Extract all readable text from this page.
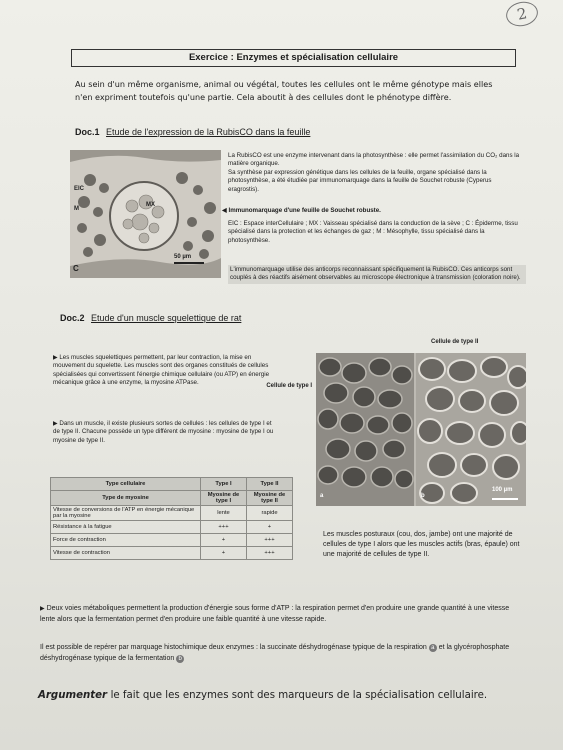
2
Exercice : Enzymes et spécialisation cellulaire
Au sein d'un même organisme, animal ou végétal, toutes les cellules ont le même génotype mais elles n'en expriment toutefois qu'une partie. Cela aboutit à des cellules dont le phénotype diffère.
Doc.1 Etude de l'expression de la RubisCO dans la feuille
EIC
M
MX
C
50 µm
La RubisCO est une enzyme intervenant dans la photosynthèse : elle permet l'assimilation du CO₂ dans la matière organique.
Sa synthèse par expression génétique dans les cellules de la feuille, organe spécialisé dans la photosynthèse, a été étudiée par immunomarquage dans la feuille de Souchet robuste (Cyperus eragrostis).
◀ Immunomarquage d'une feuille de Souchet robuste.
EIC : Espace interCellulaire ; MX : Vaisseau spécialisé dans la conduction de la sève ; C : Épiderme, tissu spécialisé dans la protection et les échanges de gaz ; M : Mésophylle, tissu spécialisé dans la photosynthèse.
L'immunomarquage utilise des anticorps reconnaissant spécifiquement la RubisCO. Ces anticorps sont couplés à des réactifs aisément observables au microscope électronique à transmission (coloration noire).
Doc.2 Etude d'un muscle squelettique de rat
▶ Les muscles squelettiques permettent, par leur contraction, la mise en mouvement du squelette. Les muscles sont des organes constitués de cellules spécialisées qui convertissent l'énergie chimique cellulaire (ou ATP) en énergie mécanique grâce à une enzyme, la myosine ATPase.
▶ Dans un muscle, il existe plusieurs sortes de cellules : les cellules de type I et de type II. Chacune possède un type différent de myosine : myosine de type I ou myosine de type II.
Cellule de type II
Cellule de type I
a	b
100 µm
Type cellulaire	Type I	Type II
Type de myosine	Myosine de type I	Myosine de type II
Vitesse de conversions de l'ATP en énergie mécanique par la myosine	lente	rapide
Résistance à la fatigue	+++	+
Force de contraction	+	+++
Vitesse de contraction	+	+++
Les muscles posturaux (cou, dos, jambe) ont une majorité de cellules de type I alors que les muscles actifs (bras, épaule) ont une majorité de cellules de type II.
▶ Deux voies métaboliques permettent la production d'énergie sous forme d'ATP : la respiration permet d'en produire une grande quantité à une vitesse lente alors que la fermentation permet d'en produire une faible quantité à une vitesse rapide.
Il est possible de repérer par marquage histochimique deux enzymes : la succinate déshydrogénase typique de la respiration a et la glycérophosphate déshydrogénase typique de la fermentation b
Argumenter le fait que les enzymes sont des marqueurs de la spécialisation cellulaire.
